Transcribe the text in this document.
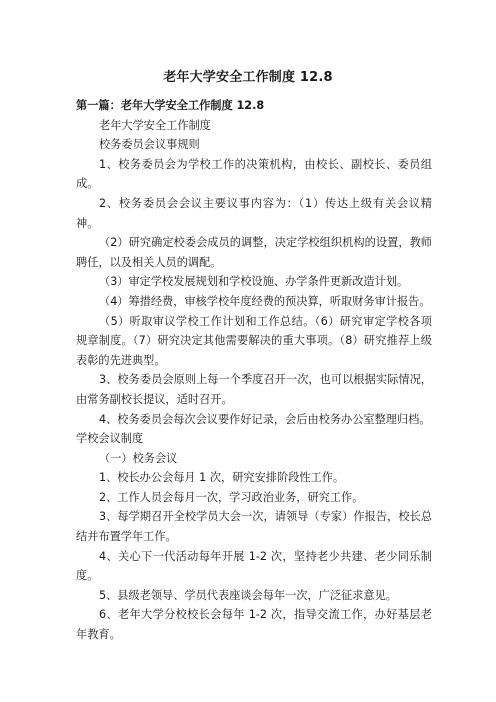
老年大学安全工作制度 12.8

第一篇：老年大学安全工作制度 12.8

老年大学安全工作制度

校务委员会议事规则

1、校务委员会为学校工作的决策机构，由校长、副校长、委员组成。

2、校务委员会会议主要议事内容为：（1）传达上级有关会议精神。

（2）研究确定校委会成员的调整，决定学校组织机构的设置，教师聘任，以及相关人员的调配。

（3）审定学校发展规划和学校设施、办学条件更新改造计划。

（4）筹措经费，审核学校年度经费的预决算，听取财务审计报告。

（5）听取审议学校工作计划和工作总结。（6）研究审定学校各项规章制度。（7）研究决定其他需要解决的重大事项。（8）研究推荐上级表彰的先进典型。

3、校务委员会原则上每一个季度召开一次，也可以根据实际情况，由常务副校长提议，适时召开。

4、校务委员会每次会议要作好记录，会后由校务办公室整理归档。

学校会议制度

（一）校务会议

1、校长办公会每月 1 次，研究安排阶段性工作。

2、工作人员会每月一次，学习政治业务，研究工作。

3、每学期召开全校学员大会一次，请领导（专家）作报告，校长总结并布置学年工作。

4、关心下一代活动每年开展 1-2 次，坚持老少共建、老少同乐制度。

5、县级老领导、学员代表座谈会每年一次，广泛征求意见。

6、老年大学分校校长会每年 1-2 次，指导交流工作，办好基层老年教育。
